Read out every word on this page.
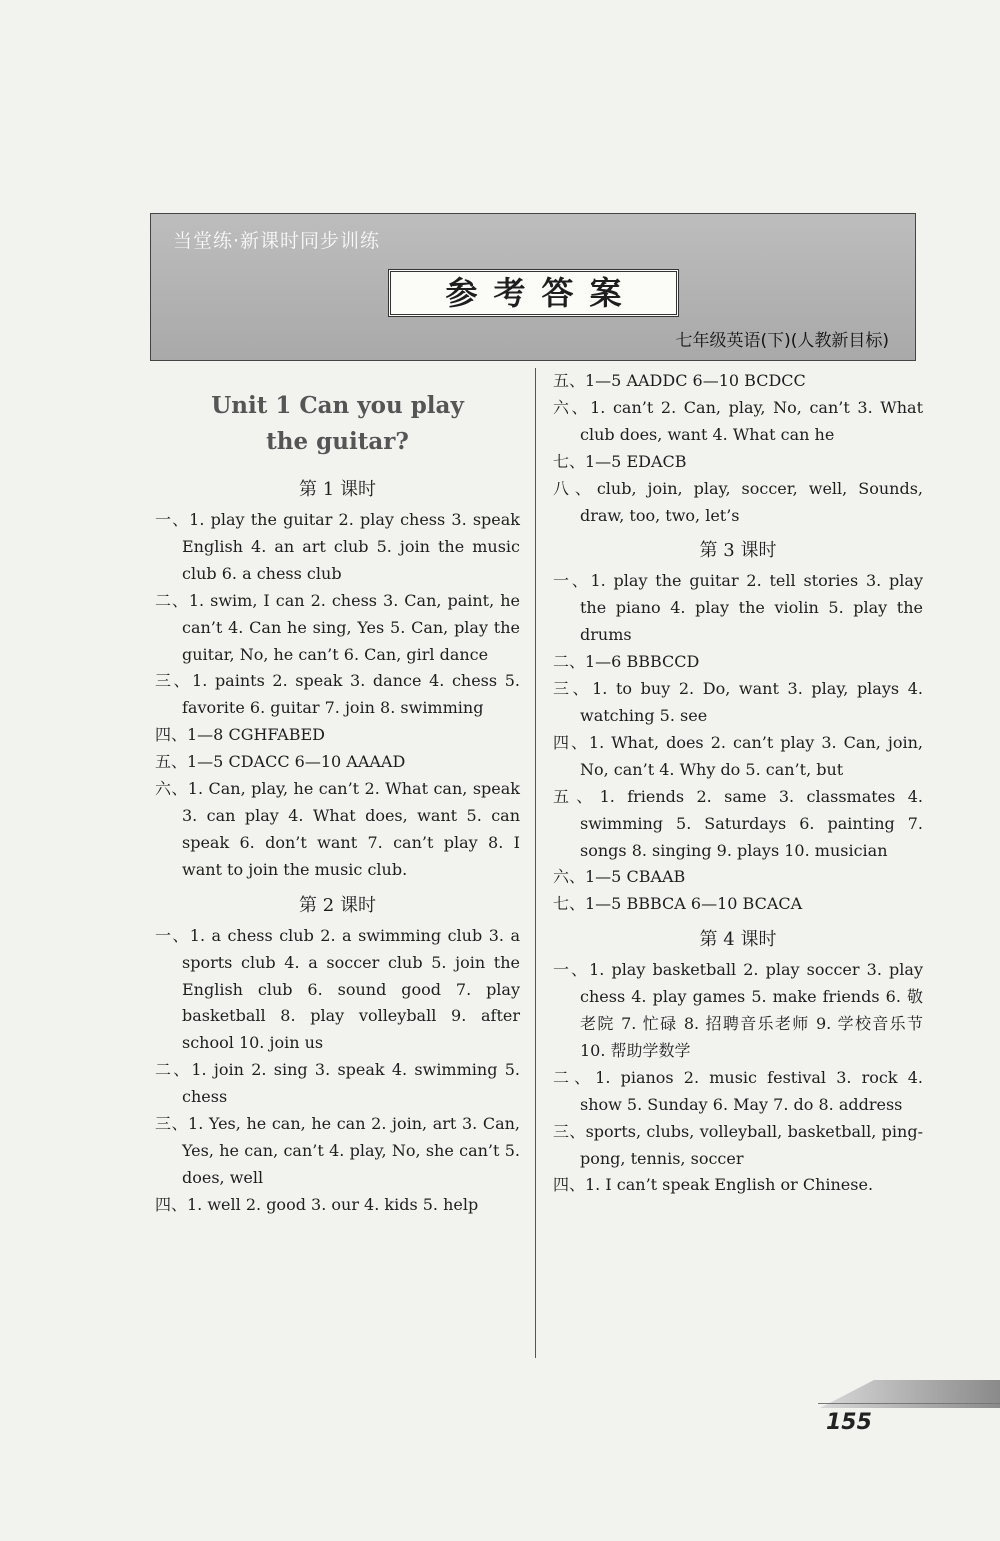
当堂练·新课时同步训练
参考答案
七年级英语(下)(人教新目标)
Unit 1 Can you play
the guitar?
第 1 课时
一、1. play the guitar 2. play chess 3. speak English 4. an art club 5. join the music club 6. a chess club
二、1. swim, I can 2. chess 3. Can, paint, he can’t 4. Can he sing, Yes 5. Can, play the guitar, No, he can’t 6. Can, girl dance
三、1. paints 2. speak 3. dance 4. chess 5. favorite 6. guitar 7. join 8. swimming
四、1—8 CGHFABED
五、1—5 CDACC 6—10 AAAAD
六、1. Can, play, he can’t 2. What can, speak 3. can play 4. What does, want 5. can speak 6. don’t want 7. can’t play 8. I want to join the music club.
第 2 课时
一、1. a chess club 2. a swimming club 3. a sports club 4. a soccer club 5. join the English club 6. sound good 7. play basketball 8. play volleyball 9. after school 10. join us
二、1. join 2. sing 3. speak 4. swimming 5. chess
三、1. Yes, he can, he can 2. join, art 3. Can, Yes, he can, can’t 4. play, No, she can’t 5. does, well
四、1. well 2. good 3. our 4. kids 5. help
五、1—5 AADDC 6—10 BCDCC
六、1. can’t 2. Can, play, No, can’t 3. What club does, want 4. What can he
七、1—5 EDACB
八、club, join, play, soccer, well, Sounds, draw, too, two, let’s
第 3 课时
一、1. play the guitar 2. tell stories 3. play the piano 4. play the violin 5. play the drums
二、1—6 BBBCCD
三、1. to buy 2. Do, want 3. play, plays 4. watching 5. see
四、1. What, does 2. can’t play 3. Can, join, No, can’t 4. Why do 5. can’t, but
五、1. friends 2. same 3. classmates 4. swimming 5. Saturdays 6. painting 7. songs 8. singing 9. plays 10. musician
六、1—5 CBAAB
七、1—5 BBBCA 6—10 BCACA
第 4 课时
一、1. play basketball 2. play soccer 3. play chess 4. play games 5. make friends 6. 敬老院 7. 忙碌 8. 招聘音乐老师 9. 学校音乐节 10. 帮助学数学
二、1. pianos 2. music festival 3. rock 4. show 5. Sunday 6. May 7. do 8. address
三、sports, clubs, volleyball, basketball, ping-pong, tennis, soccer
四、1. I can’t speak English or Chinese.
155
